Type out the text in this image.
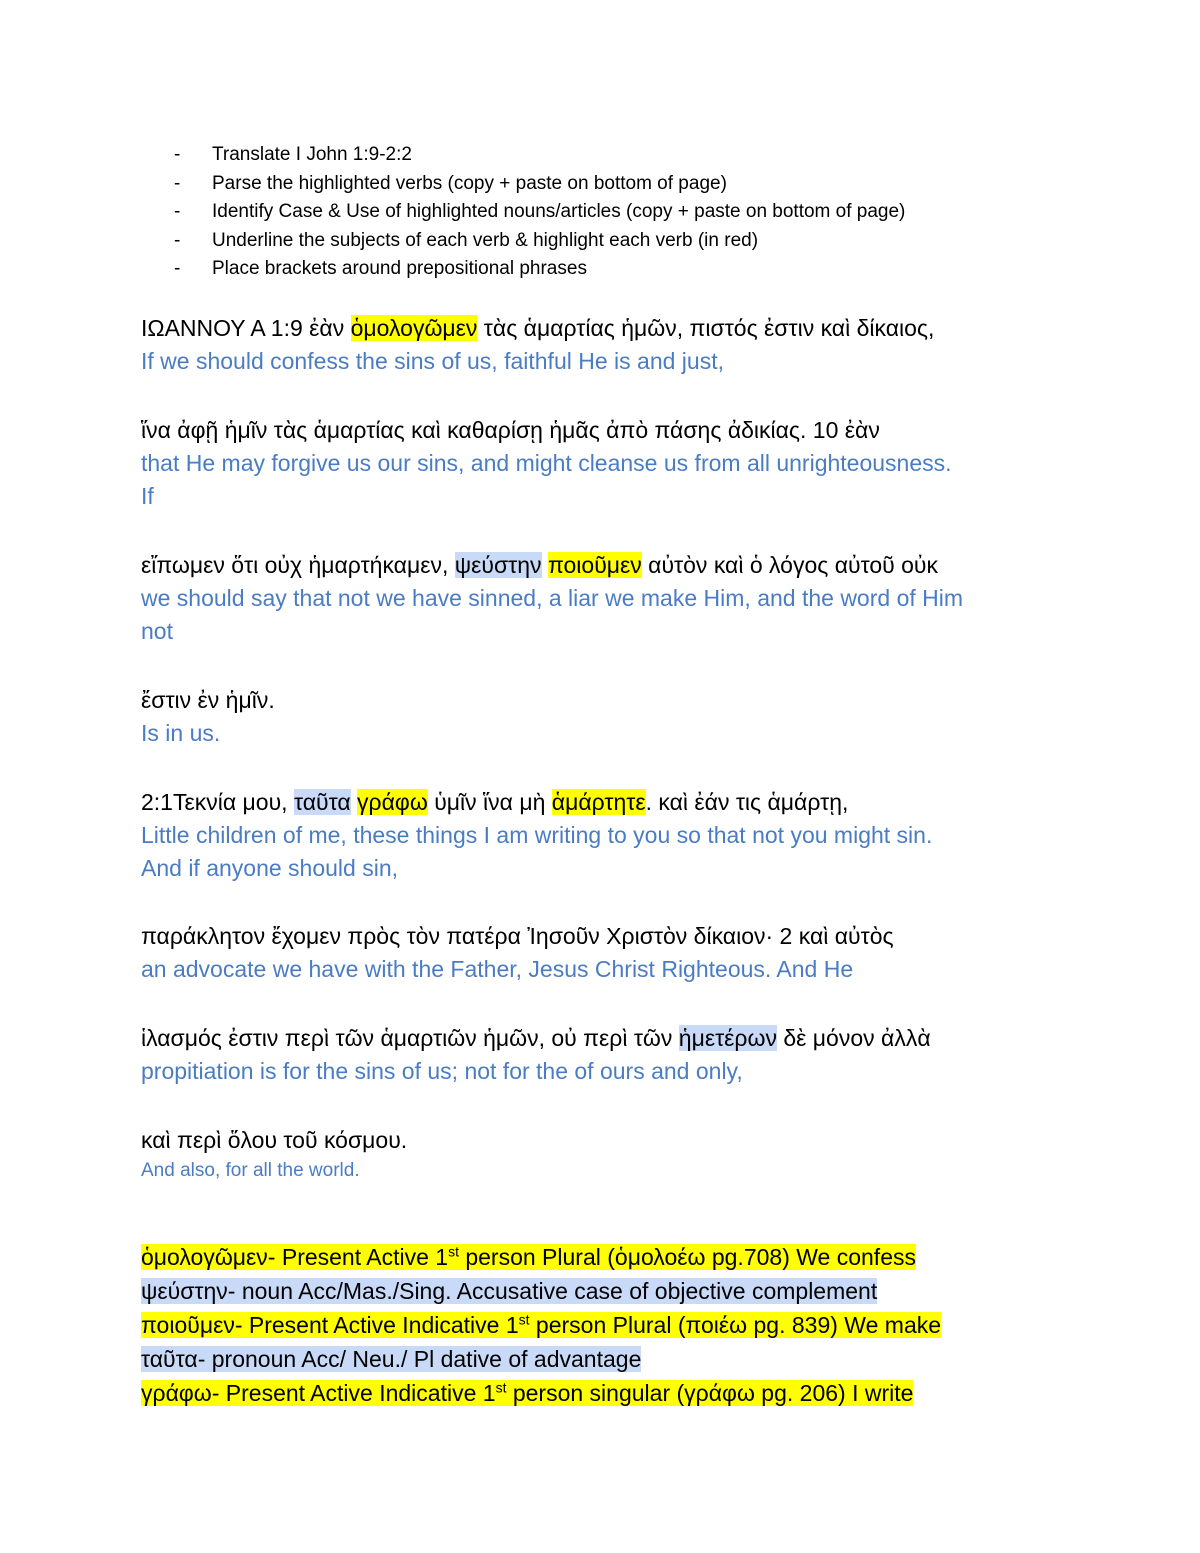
- Translate I John 1:9-2:2
- Parse the highlighted verbs (copy + paste on bottom of page)
- Identify Case & Use of highlighted nouns/articles (copy + paste on bottom of page)
- Underline the subjects of each verb & highlight each verb (in red)
- Place brackets around prepositional phrases
ΙΩΑΝΝΟΥ Α 1:9 ἐὰν ὁμολογῶμεν τὰς ἁμαρτίας ἡμῶν, πιστός ἐστιν καὶ δίκαιος,
If we should confess the sins of us, faithful He is and just,
ἵνα ἀφῇ ἡμῖν τὰς ἁμαρτίας καὶ καθαρίσῃ ἡμᾶς ἀπὸ πάσης ἀδικίας. 10 ἐὰν
that He may forgive us our sins, and might cleanse us from all unrighteousness.
If
εἴπωμεν ὅτι οὐχ ἡμαρτήκαμεν, ψεύστην ποιοῦμεν αὐτὸν καὶ ὁ λόγος αὐτοῦ οὐκ
we should say that not we have sinned, a liar we make Him, and the word of Him
not
ἔστιν ἐν ἡμῖν.
Is in us.
2:1Τεκνία μου, ταῦτα γράφω ὑμῖν ἵνα μὴ ἁμάρτητε. καὶ ἐάν τις ἁμάρτῃ,
Little children of me, these things I am writing to you so that not you might sin.
And if anyone should sin,
παράκλητον ἔχομεν πρὸς τὸν πατέρα Ἰησοῦν Χριστὸν δίκαιον· 2 καὶ αὐτὸς
an advocate we have with the Father, Jesus Christ Righteous. And He
ἱλασμός ἐστιν περὶ τῶν ἁμαρτιῶν ἡμῶν, οὐ περὶ τῶν ἡμετέρων δὲ μόνον ἀλλὰ
propitiation is for the sins of us; not for the of ours and only,
καὶ περὶ ὅλου τοῦ κόσμου.
And also, for all the world.
ὁμολογῶμεν- Present Active 1st person Plural (ὁμολοέω pg.708) We confess
ψεύστην- noun Acc/Mas./Sing. Accusative case of objective complement
ποιοῦμεν- Present Active Indicative 1st person Plural (ποιέω pg. 839) We make
ταῦτα- pronoun Acc/ Neu./ Pl dative of advantage
γράφω- Present Active Indicative 1st person singular (γράφω pg. 206) I write
